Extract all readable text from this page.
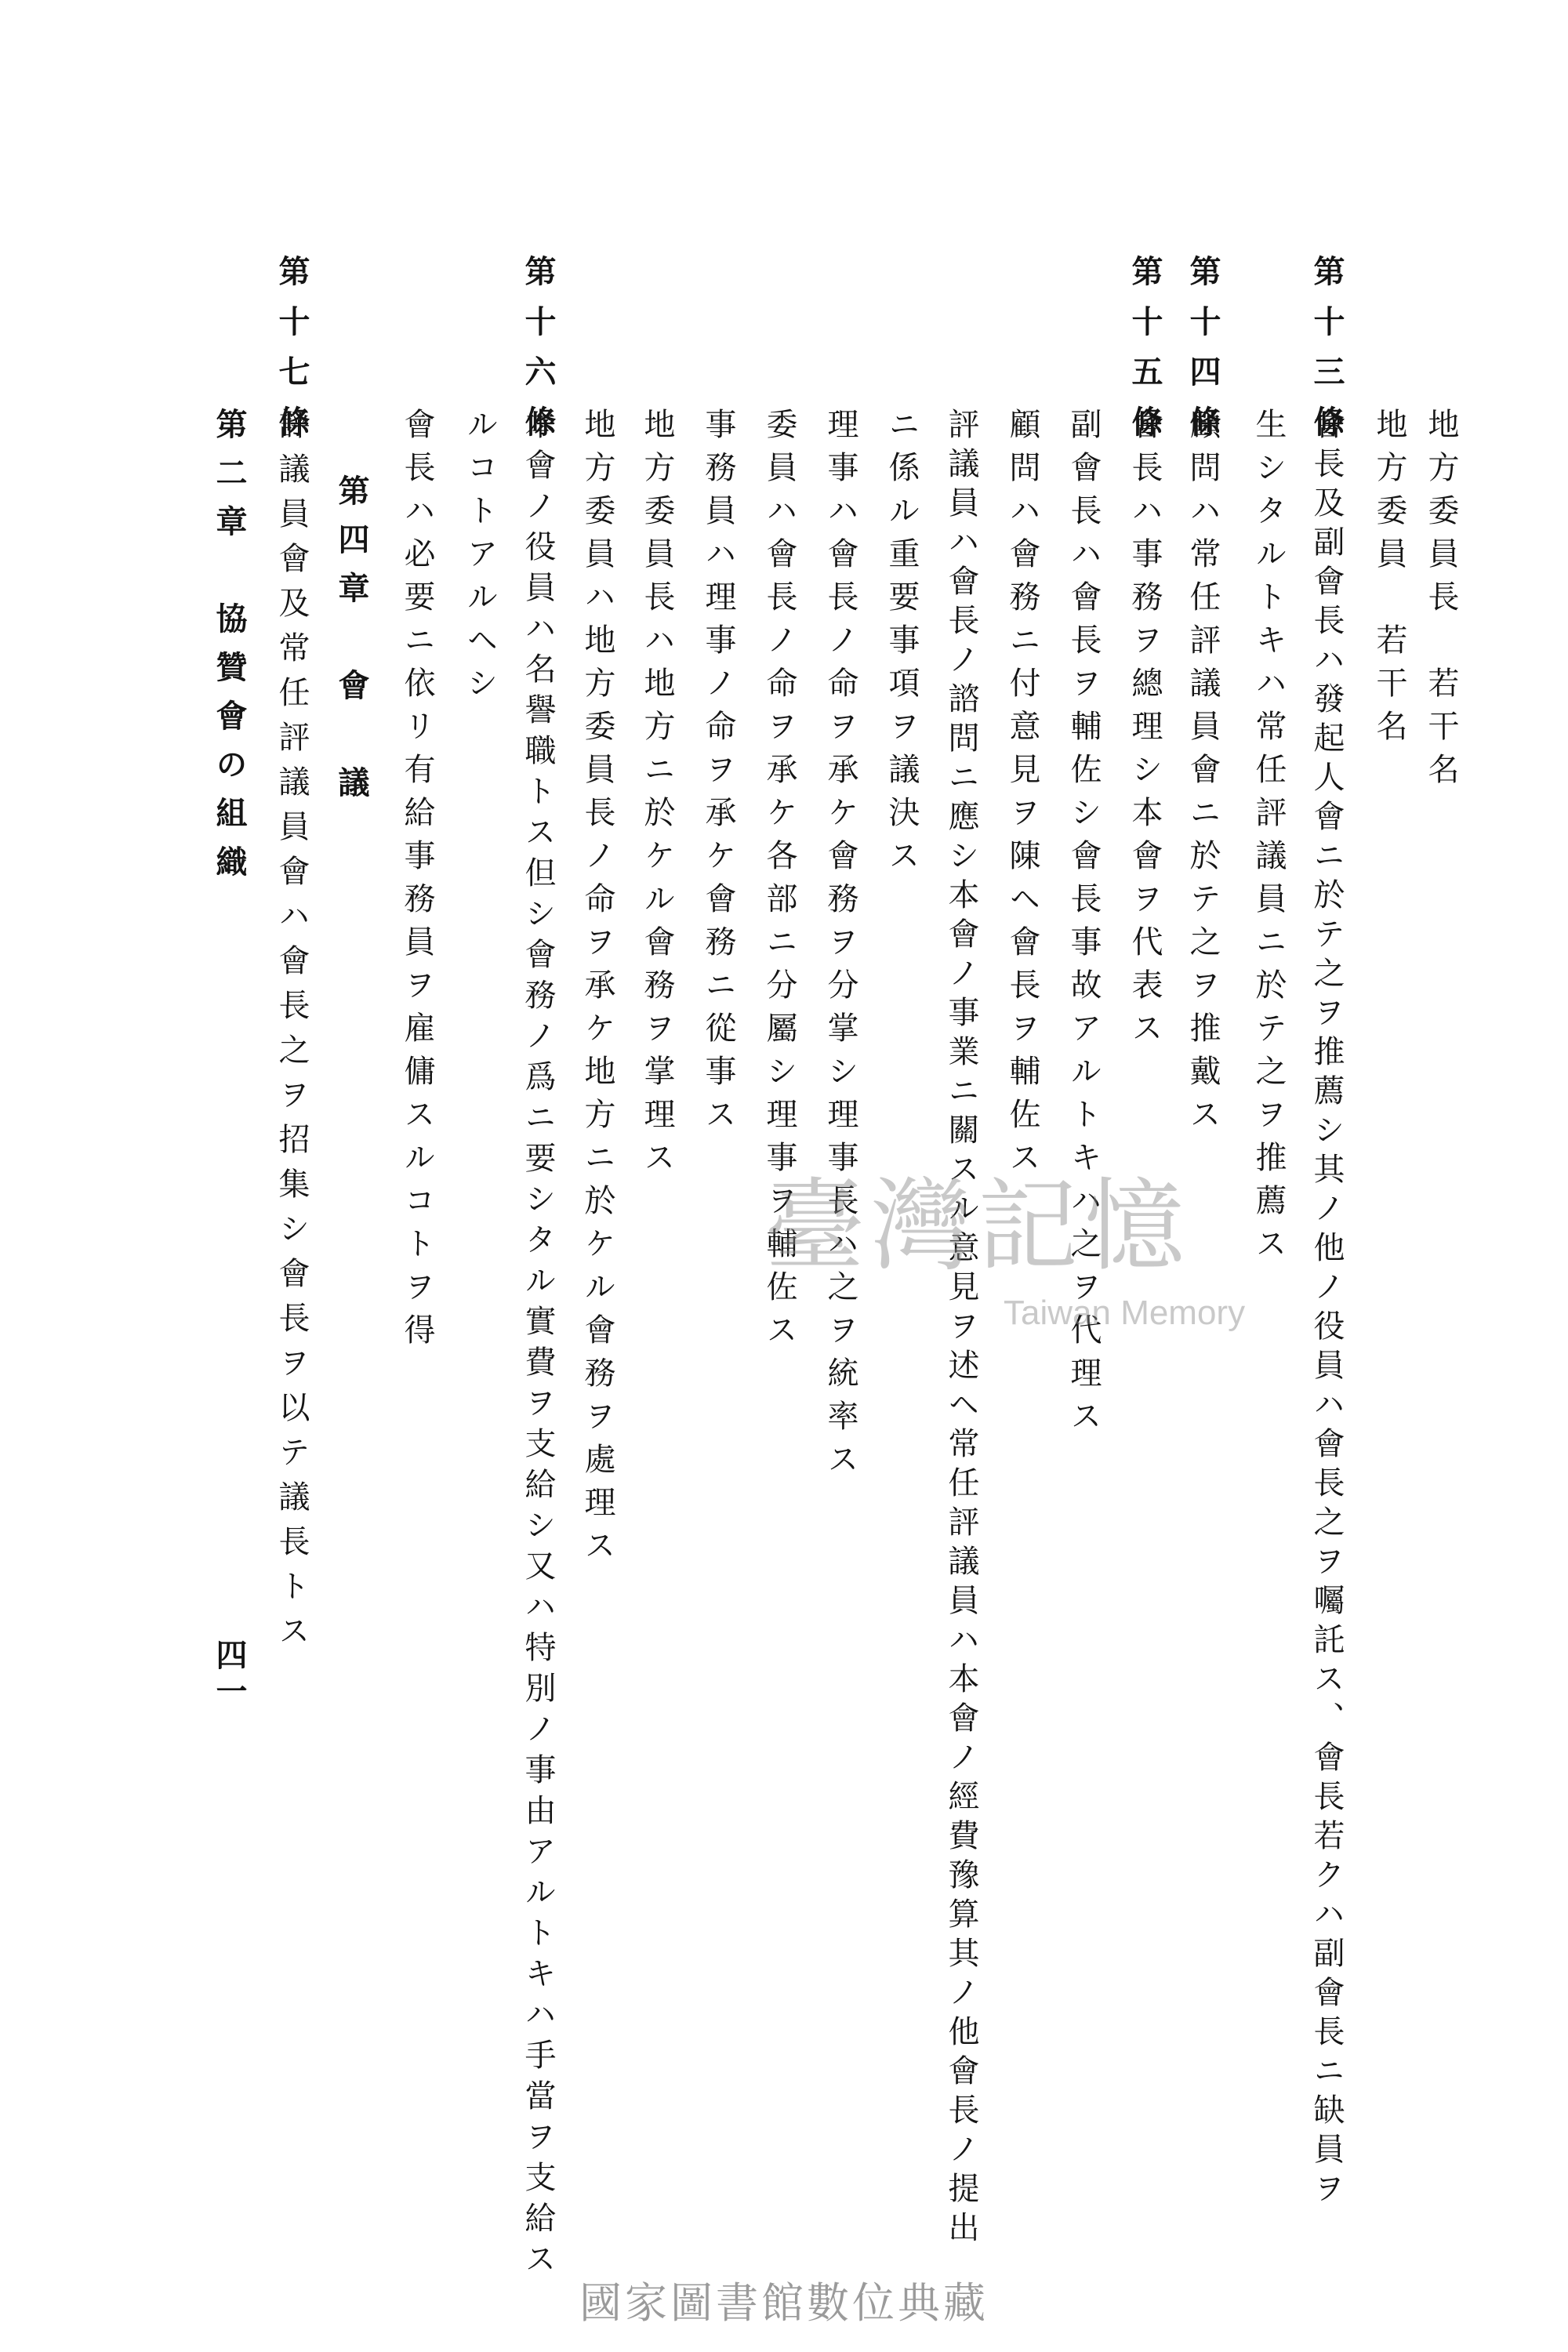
地方委員長　若干名
地方委員　若干名
第十三條
會長及副會長ハ發起人會ニ於テ之ヲ推薦シ其ノ他ノ役員ハ會長之ヲ囑託ス、會長若クハ副會長ニ缺員ヲ
生シタルトキハ常任評議員ニ於テ之ヲ推薦ス
第十四條
顧問ハ常任評議員會ニ於テ之ヲ推戴ス
第十五條
會長ハ事務ヲ總理シ本會ヲ代表ス
副會長ハ會長ヲ輔佐シ會長事故アルトキハ之ヲ代理ス
顧問ハ會務ニ付意見ヲ陳ヘ會長ヲ輔佐ス
評議員ハ會長ノ諮問ニ應シ本會ノ事業ニ關スル意見ヲ述ヘ常任評議員ハ本會ノ經費豫算其ノ他會長ノ提出
ニ係ル重要事項ヲ議決ス
理事ハ會長ノ命ヲ承ケ會務ヲ分掌シ理事長ハ之ヲ統率ス
委員ハ會長ノ命ヲ承ケ各部ニ分屬シ理事ヲ輔佐ス
事務員ハ理事ノ命ヲ承ケ會務ニ從事ス
地方委員長ハ地方ニ於ケル會務ヲ掌理ス
地方委員ハ地方委員長ノ命ヲ承ケ地方ニ於ケル會務ヲ處理ス
第十六條
本會ノ役員ハ名譽職トス但シ會務ノ爲ニ要シタル實費ヲ支給シ又ハ特別ノ事由アルトキハ手當ヲ支給ス
ルコトアルヘシ
會長ハ必要ニ依リ有給事務員ヲ雇傭スルコトヲ得
第四章　會　議
第十七條
評議員會及常任評議員會ハ會長之ヲ招集シ會長ヲ以テ議長トス
第二章　協贊會の組織
四一
臺灣記憶
Taiwan Memory
國家圖書館數位典藏
